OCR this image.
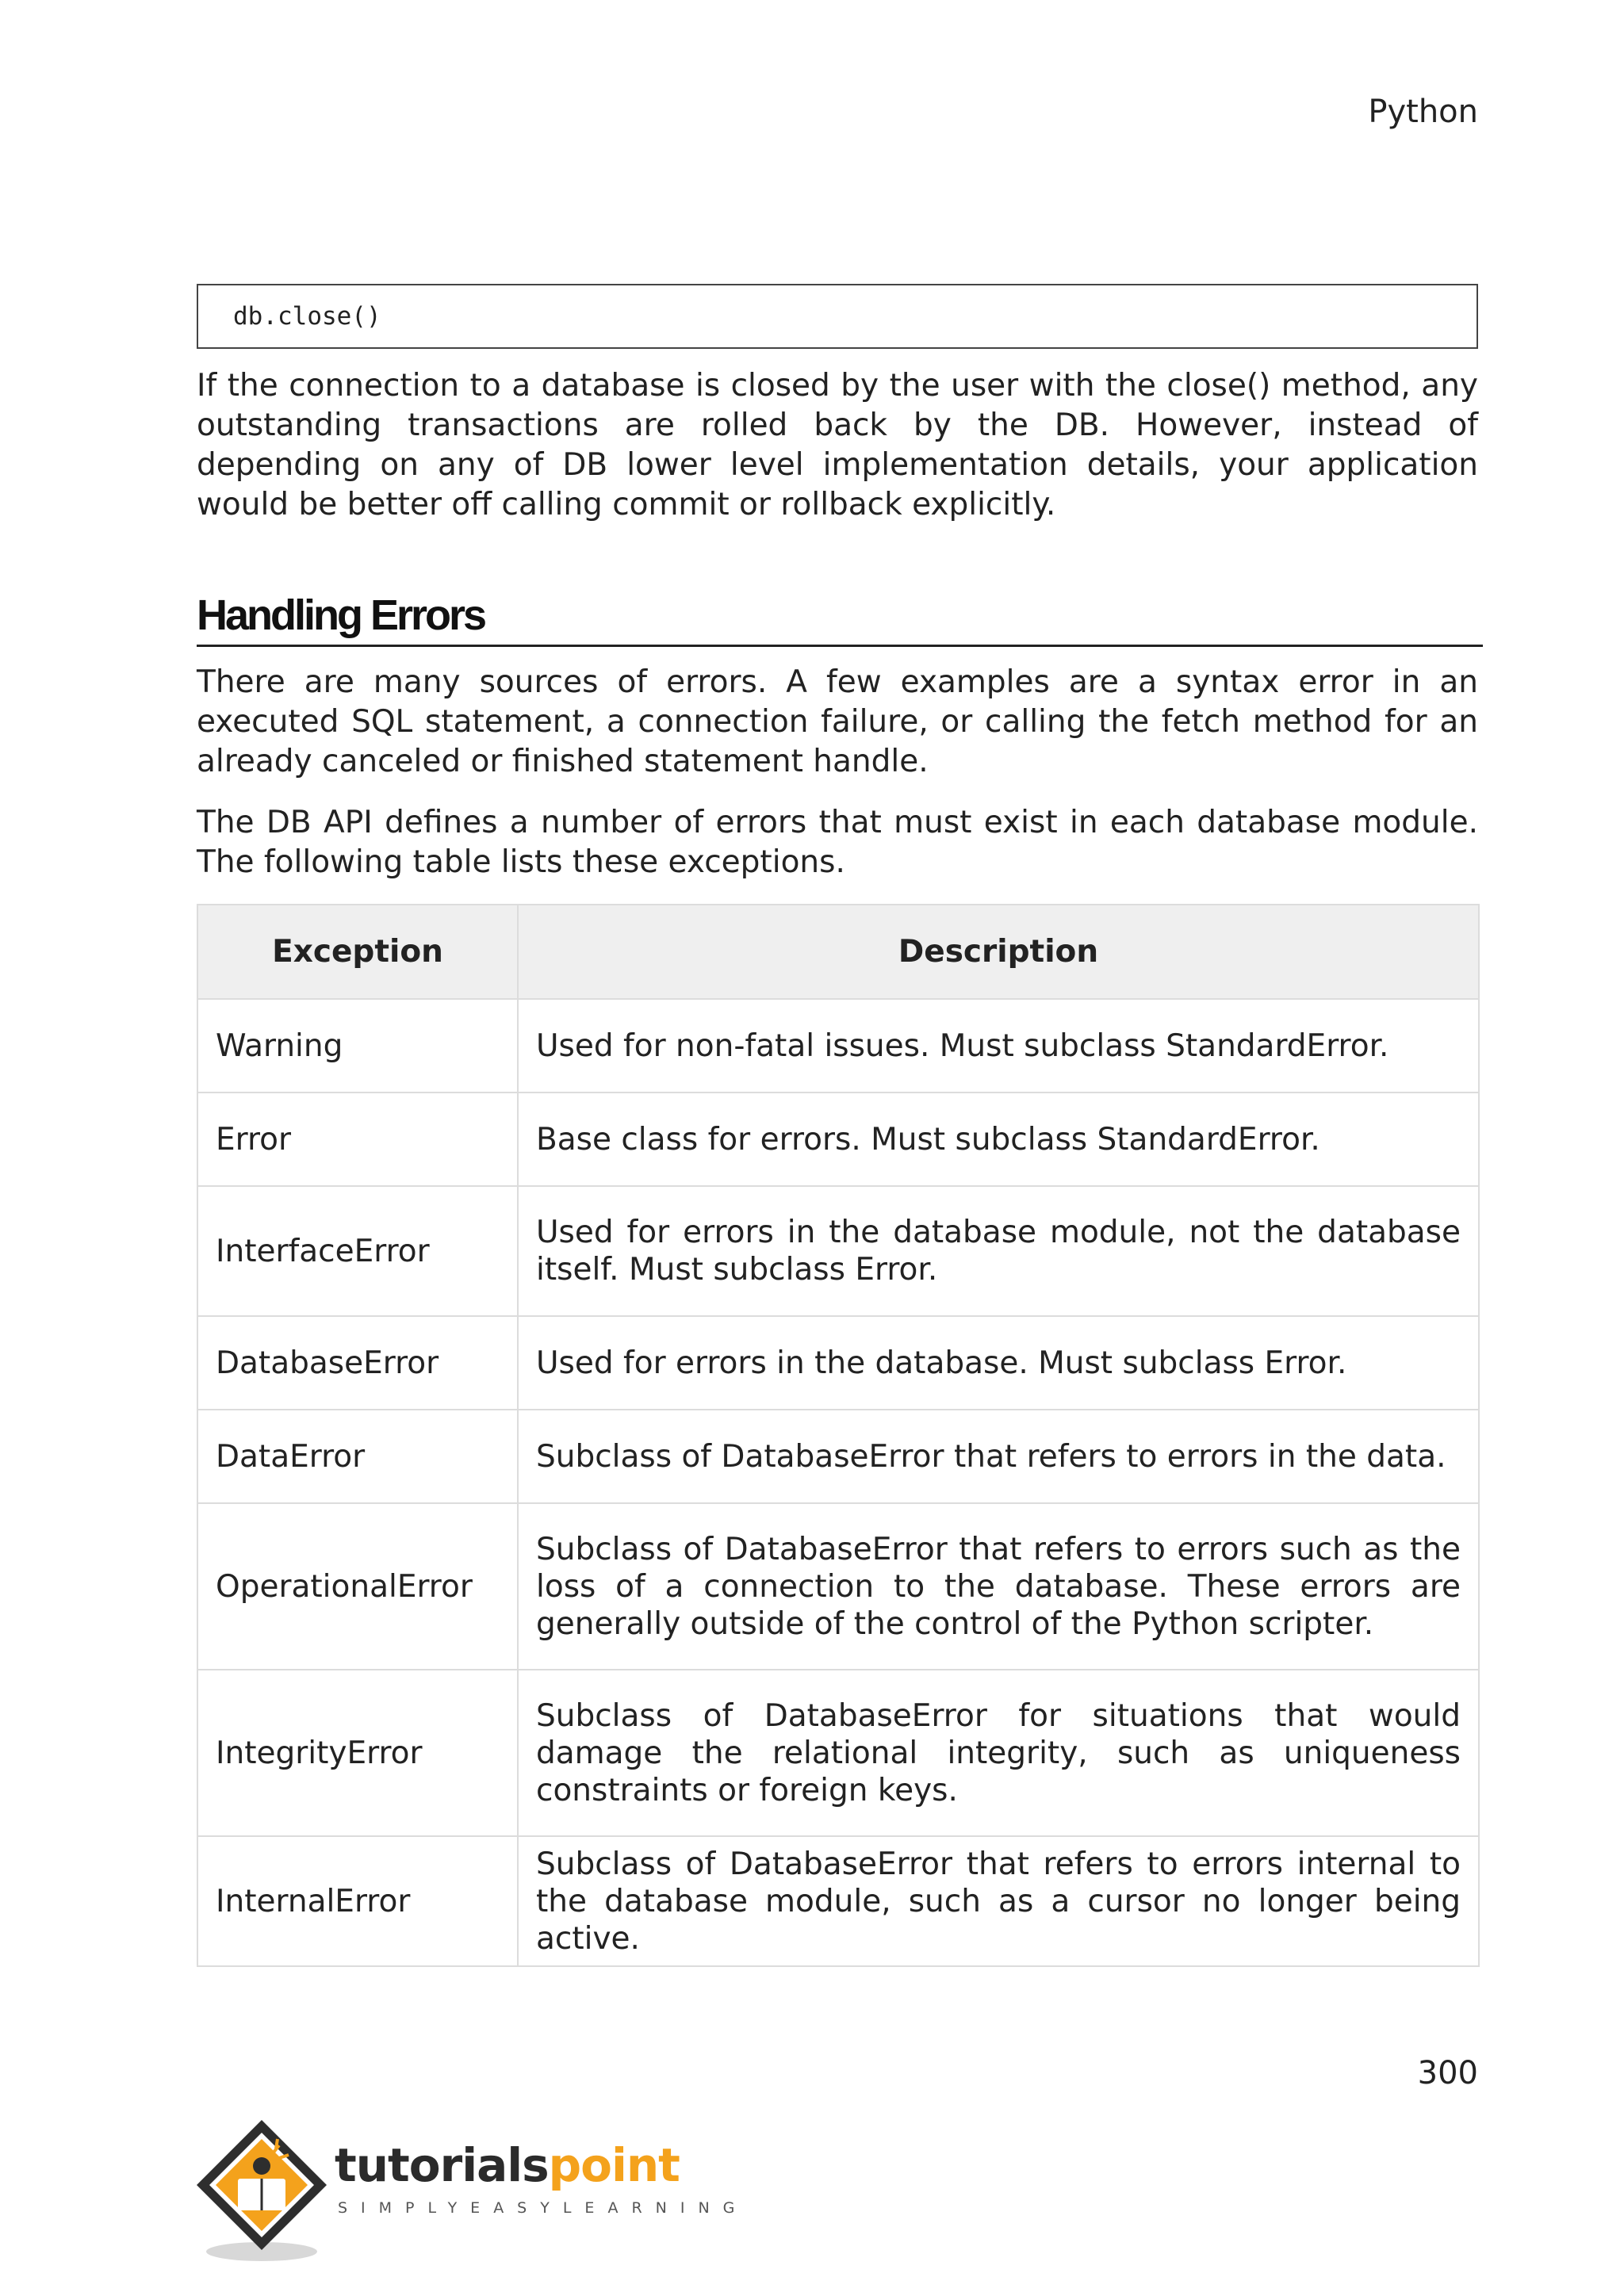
Python
db.close()

If the connection to a database is closed by the user with the close() method, any outstanding transactions are rolled back by the DB. However, instead of depending on any of DB lower level implementation details, your application would be better off calling commit or rollback explicitly.

Handling Errors

There are many sources of errors. A few examples are a syntax error in an executed SQL statement, a connection failure, or calling the fetch method for an already canceled or finished statement handle.

The DB API defines a number of errors that must exist in each database module. The following table lists these exceptions.

Exception	Description
Warning	Used for non-fatal issues. Must subclass StandardError.
Error	Base class for errors. Must subclass StandardError.
InterfaceError	Used for errors in the database module, not the database itself. Must subclass Error.
DatabaseError	Used for errors in the database. Must subclass Error.
DataError	Subclass of DatabaseError that refers to errors in the data.
OperationalError	Subclass of DatabaseError that refers to errors such as the loss of a connection to the database. These errors are generally outside of the control of the Python scripter.
IntegrityError	Subclass of DatabaseError for situations that would damage the relational integrity, such as uniqueness constraints or foreign keys.
InternalError	Subclass of DatabaseError that refers to errors internal to the database module, such as a cursor no longer being active.
300
tutorialspoint
SIMPLYEASYLEARNING
